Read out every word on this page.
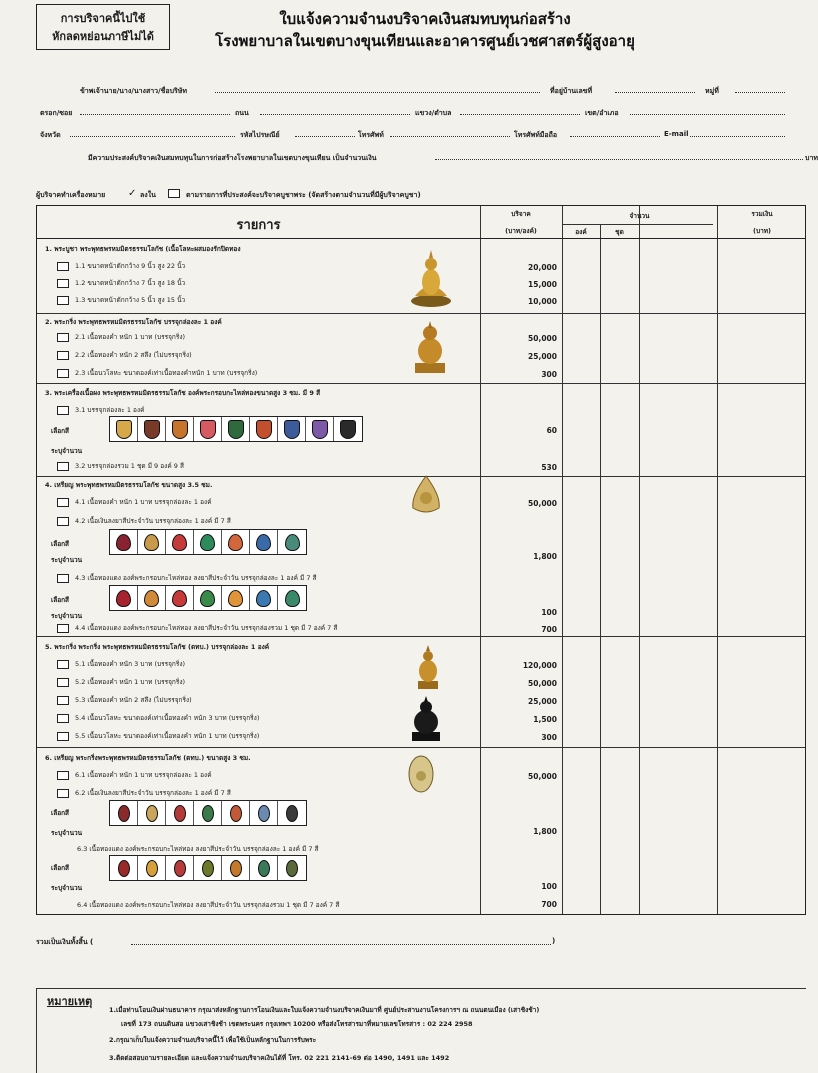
การบริจาคนี้ไปใช้
หักลดหย่อนภาษีไม่ได้
ใบแจ้งความจำนงบริจาคเงินสมทบทุนก่อสร้าง
โรงพยาบาลในเขตบางขุนเทียนและอาคารศูนย์เวชศาสตร์ผู้สูงอายุ
ข้าพเจ้านาย/นาง/นางสาว/ชื่อบริษัท	ที่อยู่บ้านเลขที่	หมู่ที่
ตรอก/ซอย	ถนน	แขวง/ตำบล	เขต/อำเภอ
จังหวัด	รหัสไปรษณีย์	โทรศัพท์	โทรศัพท์มือถือ	E-mail
มีความประสงค์บริจาคเงินสมทบทุนในการก่อสร้างโรงพยาบาลในเขตบางขุนเทียน เป็นจำนวนเงิน	บาท
ผู้บริจาคทำเครื่องหมาย ✓ ลงใน	ตามรายการที่ประสงค์จะบริจาคบูชาพระ (จัดสร้างตามจำนวนที่มีผู้บริจาคบูชา)
รายการ
บริจาค
(บาท/องค์)
จำนวน
องค์	ชุด
รวมเงิน
(บาท)
1. พระบูชา พระพุทธพรหมมิตรธรรมโลกัช (เนื้อโลหะผสมองรักปิดทอง
1.1 ขนาดหน้าตักกว้าง 9 นิ้ว สูง 22 นิ้ว	20,000
1.2 ขนาดหน้าตักกว้าง 7 นิ้ว สูง 18 นิ้ว	15,000
1.3 ขนาดหน้าตักกว้าง 5 นิ้ว สูง 15 นิ้ว	10,000
2. พระกริ่ง พระพุทธพรหมมิตรธรรมโลกัช บรรจุกล่องละ 1 องค์
2.1 เนื้อทองคำ หนัก 1 บาท (บรรจุกริ่ง)	50,000
2.2 เนื้อทองคำ หนัก 2 สลึง (ไม่บรรจุกริ่ง)	25,000
2.3 เนื้อนวโลหะ ขนาดองค์เท่าเนื้อทองคำหนัก 1 บาท (บรรจุกริ่ง)	300
3. พระเครื่องเนื้อผง พระพุทธพรหมมิตรธรรมโลกัช องค์พระกรอบกะไหล่ทองขนาดสูง 3 ซม. มี 9 สี
3.1 บรรจุกล่องละ 1 องค์
เลือกสี
ระบุจำนวน
60
3.2 บรรจุกล่องรวม 1 ชุด มี 9 องค์ 9 สี	530
4. เหรียญ พระพุทธพรหมมิตรธรรมโลกัช ขนาดสูง 3.5 ซม.
4.1 เนื้อทองคำ หนัก 1 บาท บรรจุกล่องละ 1 องค์	50,000
4.2 เนื้อเงินลงยาสีประจำวัน บรรจุกล่องละ 1 องค์ มี 7 สี
เลือกสี
ระบุจำนวน	1,800
4.3 เนื้อทองแดง องค์พระกรอบกะไหล่ทอง ลงยาสีประจำวัน บรรจุกล่องละ 1 องค์ มี 7 สี
เลือกสี
ระบุจำนวน	100
4.4 เนื้อทองแดง องค์พระกรอบกะไหล่ทอง ลงยาสีประจำวัน บรรจุกล่องรวม 1 ชุด มี 7 องค์ 7 สี	700
5. พระกริ่ง พระกริ่ง พระพุทธพรหมมิตรธรรมโลกัช (ตทบ.) บรรจุกล่องละ 1 องค์
5.1 เนื้อทองคำ หนัก 3 บาท (บรรจุกริ่ง)	120,000
5.2 เนื้อทองคำ หนัก 1 บาท (บรรจุกริ่ง)	50,000
5.3 เนื้อทองคำ หนัก 2 สลึง (ไม่บรรจุกริ่ง)	25,000
5.4 เนื้อนวโลหะ ขนาดองค์เท่าเนื้อทองคำ หนัก 3 บาท (บรรจุกริ่ง)	1,500
5.5 เนื้อนวโลหะ ขนาดองค์เท่าเนื้อทองคำ หนัก 1 บาท (บรรจุกริ่ง)	300
6. เหรียญ พระกริ่งพระพุทธพรหมมิตรธรรมโลกัช (ตทบ.) ขนาดสูง 3 ซม.
6.1 เนื้อทองคำ หนัก 1 บาท บรรจุกล่องละ 1 องค์	50,000
6.2 เนื้อเงินลงยาสีประจำวัน บรรจุกล่องละ 1 องค์ มี 7 สี
เลือกสี
ระบุจำนวน	1,800
6.3 เนื้อทองแดง องค์พระกรอบกะไหล่ทอง ลงยาสีประจำวัน บรรจุกล่องละ 1 องค์ มี 7 สี
เลือกสี
ระบุจำนวน	100
6.4 เนื้อทองแดง องค์พระกรอบกะไหล่ทอง ลงยาสีประจำวัน บรรจุกล่องรวม 1 ชุด มี 7 องค์ 7 สี	700
รวมเป็นเงินทั้งสิ้น (	)
หมายเหตุ
1.เมื่อท่านโอนเงินผ่านธนาคาร กรุณาส่งหลักฐานการโอนเงินและใบแจ้งความจำนงบริจาคเงินมาที่ ศูนย์ประสานงานโครงการฯ ณ ถนนตนเมือง (เสาชิงช้า)
เลขที่ 173 ถนนดินสอ แขวงเสาชิงช้า เขตพระนคร กรุงเทพฯ 10200 หรือส่งโทรสารมาที่หมายเลขโทรสาร : 02 224 2958
2.กรุณาเก็บใบแจ้งความจำนงบริจาคนี้ไว้ เพื่อใช้เป็นหลักฐานในการรับพระ
3.ติดต่อสอบถามรายละเอียด และแจ้งความจำนงบริจาคเงินได้ที่ โทร. 02 221 2141-69 ต่อ 1490, 1491 และ 1492
